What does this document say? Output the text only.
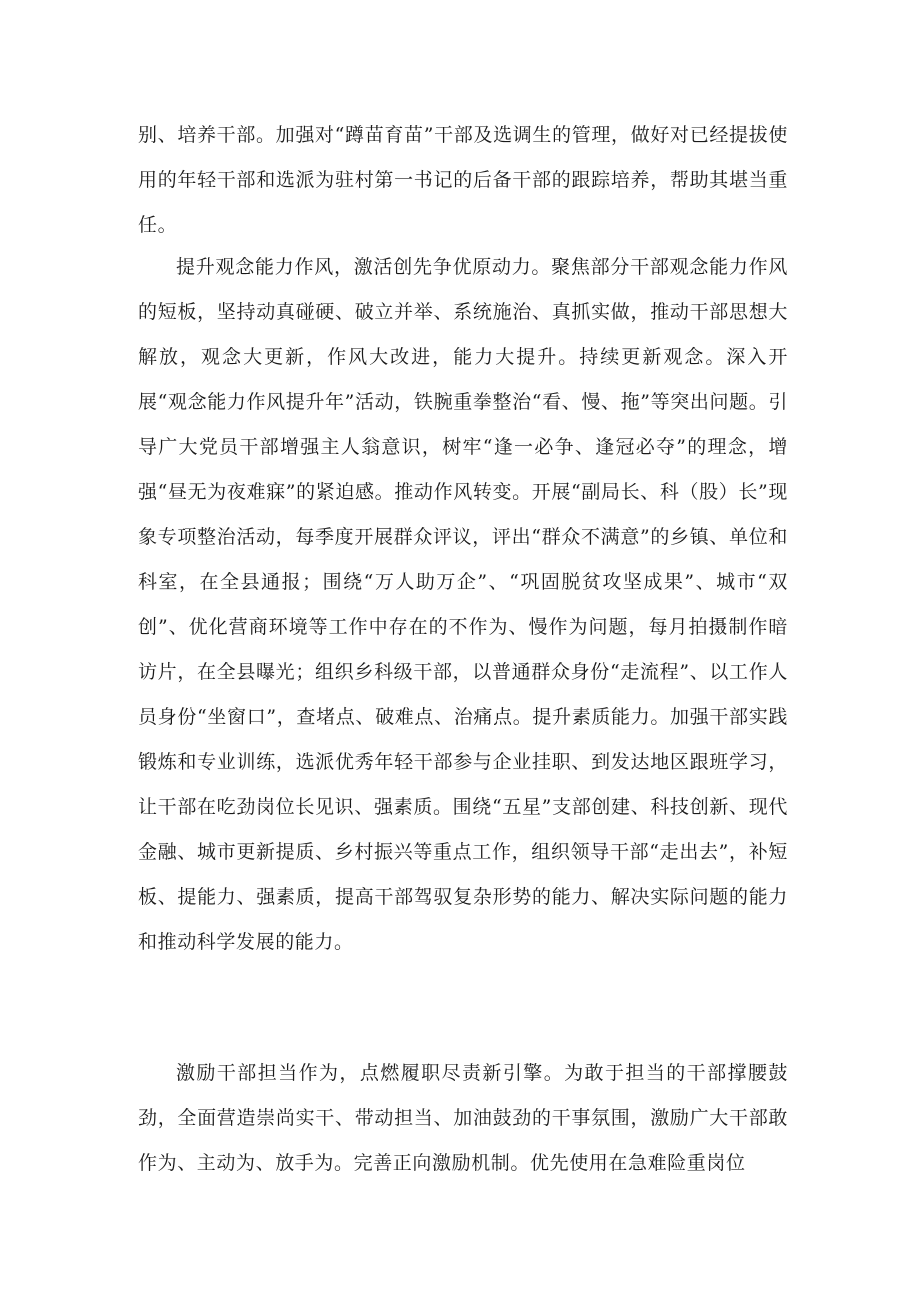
别、培养干部。加强对“蹲苗育苗”干部及选调生的管理，做好对已经提拔使用的年轻干部和选派为驻村第一书记的后备干部的跟踪培养，帮助其堪当重任。

提升观念能力作风，激活创先争优原动力。聚焦部分干部观念能力作风的短板，坚持动真碰硬、破立并举、系统施治、真抓实做，推动干部思想大解放，观念大更新，作风大改进，能力大提升。持续更新观念。深入开展“观念能力作风提升年”活动，铁腕重拳整治“看、慢、拖”等突出问题。引导广大党员干部增强主人翁意识，树牢“逢一必争、逢冠必夺”的理念，增强“昼无为夜难寐”的紧迫感。推动作风转变。开展“副局长、科（股）长”现象专项整治活动，每季度开展群众评议，评出“群众不满意”的乡镇、单位和科室，在全县通报；围绕“万人助万企”、“巩固脱贫攻坚成果”、城市“双创”、优化营商环境等工作中存在的不作为、慢作为问题，每月拍摄制作暗访片，在全县曝光；组织乡科级干部，以普通群众身份“走流程”、以工作人员身份“坐窗口”，查堵点、破难点、治痛点。提升素质能力。加强干部实践锻炼和专业训练，选派优秀年轻干部参与企业挂职、到发达地区跟班学习，让干部在吃劲岗位长见识、强素质。围绕“五星”支部创建、科技创新、现代金融、城市更新提质、乡村振兴等重点工作，组织领导干部“走出去”，补短板、提能力、强素质，提高干部驾驭复杂形势的能力、解决实际问题的能力和推动科学发展的能力。

激励干部担当作为，点燃履职尽责新引擎。为敢于担当的干部撑腰鼓劲，全面营造崇尚实干、带动担当、加油鼓劲的干事氛围，激励广大干部敢作为、主动为、放手为。完善正向激励机制。优先使用在急难险重岗位
